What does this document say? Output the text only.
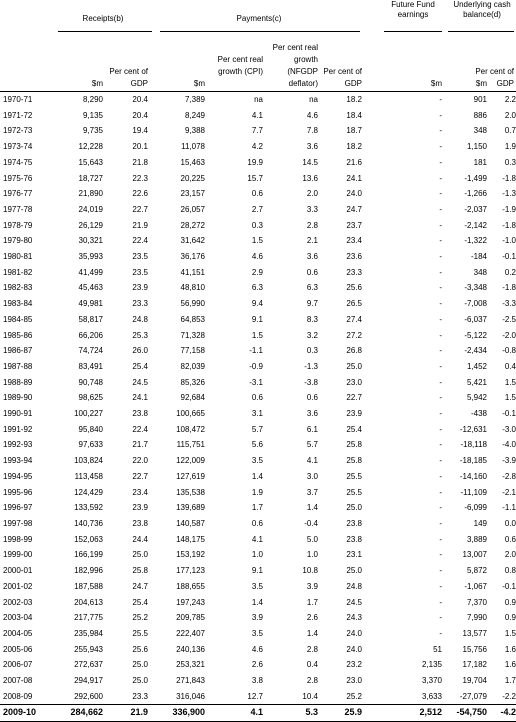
Receipts(b)	Payments(c)
Future Fund earnings
Underlying cash balance(d)
$m
Per cent of GDP	$m
Per cent real growth (CPI)
Per cent real growth (NFGDP deflator)
Per cent of GDP	$m	$m
Per cent of GDP
1970-71	8,290	20.4	7,389	na	na	18.2	-	901	2.2
1971-72	9,135	20.4	8,249	4.1	4.6	18.4	-	886	2.0
1972-73	9,735	19.4	9,388	7.7	7.8	18.7	-	348	0.7
1973-74	12,228	20.1	11,078	4.2	3.6	18.2	-	1,150	1.9
1974-75	15,643	21.8	15,463	19.9	14.5	21.6	-	181	0.3
1975-76	18,727	22.3	20,225	15.7	13.6	24.1	-	-1,499	-1.8
1976-77	21,890	22.6	23,157	0.6	2.0	24.0	-	-1,266	-1.3
1977-78	24,019	22.7	26,057	2.7	3.3	24.7	-	-2,037	-1.9
1978-79	26,129	21.9	28,272	0.3	2.8	23.7	-	-2,142	-1.8
1979-80	30,321	22.4	31,642	1.5	2.1	23.4	-	-1,322	-1.0
1980-81	35,993	23.5	36,176	4.6	3.6	23.6	-	-184	-0.1
1981-82	41,499	23.5	41,151	2.9	0.6	23.3	-	348	0.2
1982-83	45,463	23.9	48,810	6.3	6.3	25.6	-	-3,348	-1.8
1983-84	49,981	23.3	56,990	9.4	9.7	26.5	-	-7,008	-3.3
1984-85	58,817	24.8	64,853	9.1	8.3	27.4	-	-6,037	-2.5
1985-86	66,206	25.3	71,328	1.5	3.2	27.2	-	-5,122	-2.0
1986-87	74,724	26.0	77,158	-1.1	0.3	26.8	-	-2,434	-0.8
1987-88	83,491	25.4	82,039	-0.9	-1.3	25.0	-	1,452	0.4
1988-89	90,748	24.5	85,326	-3.1	-3.8	23.0	-	5,421	1.5
1989-90	98,625	24.1	92,684	0.6	0.6	22.7	-	5,942	1.5
1990-91	100,227	23.8	100,665	3.1	3.6	23.9	-	-438	-0.1
1991-92	95,840	22.4	108,472	5.7	6.1	25.4	-	-12,631	-3.0
1992-93	97,633	21.7	115,751	5.6	5.7	25.8	-	-18,118	-4.0
1993-94	103,824	22.0	122,009	3.5	4.1	25.8	-	-18,185	-3.9
1994-95	113,458	22.7	127,619	1.4	3.0	25.5	-	-14,160	-2.8
1995-96	124,429	23.4	135,538	1.9	3.7	25.5	-	-11,109	-2.1
1996-97	133,592	23.9	139,689	1.7	1.4	25.0	-	-6,099	-1.1
1997-98	140,736	23.8	140,587	0.6	-0.4	23.8	-	149	0.0
1998-99	152,063	24.4	148,175	4.1	5.0	23.8	-	3,889	0.6
1999-00	166,199	25.0	153,192	1.0	1.0	23.1	-	13,007	2.0
2000-01	182,996	25.8	177,123	9.1	10.8	25.0	-	5,872	0.8
2001-02	187,588	24.7	188,655	3.5	3.9	24.8	-	-1,067	-0.1
2002-03	204,613	25.4	197,243	1.4	1.7	24.5	-	7,370	0.9
2003-04	217,775	25.2	209,785	3.9	2.6	24.3	-	7,990	0.9
2004-05	235,984	25.5	222,407	3.5	1.4	24.0	-	13,577	1.5
2005-06	255,943	25.6	240,136	4.6	2.8	24.0	51	15,756	1.6
2006-07	272,637	25.0	253,321	2.6	0.4	23.2	2,135	17,182	1.6
2007-08	294,917	25.0	271,843	3.8	2.8	23.0	3,370	19,704	1.7
2008-09	292,600	23.3	316,046	12.7	10.4	25.2	3,633	-27,079	-2.2
2009-10	284,662	21.9	336,900	4.1	5.3	25.9	2,512	-54,750	-4.2
